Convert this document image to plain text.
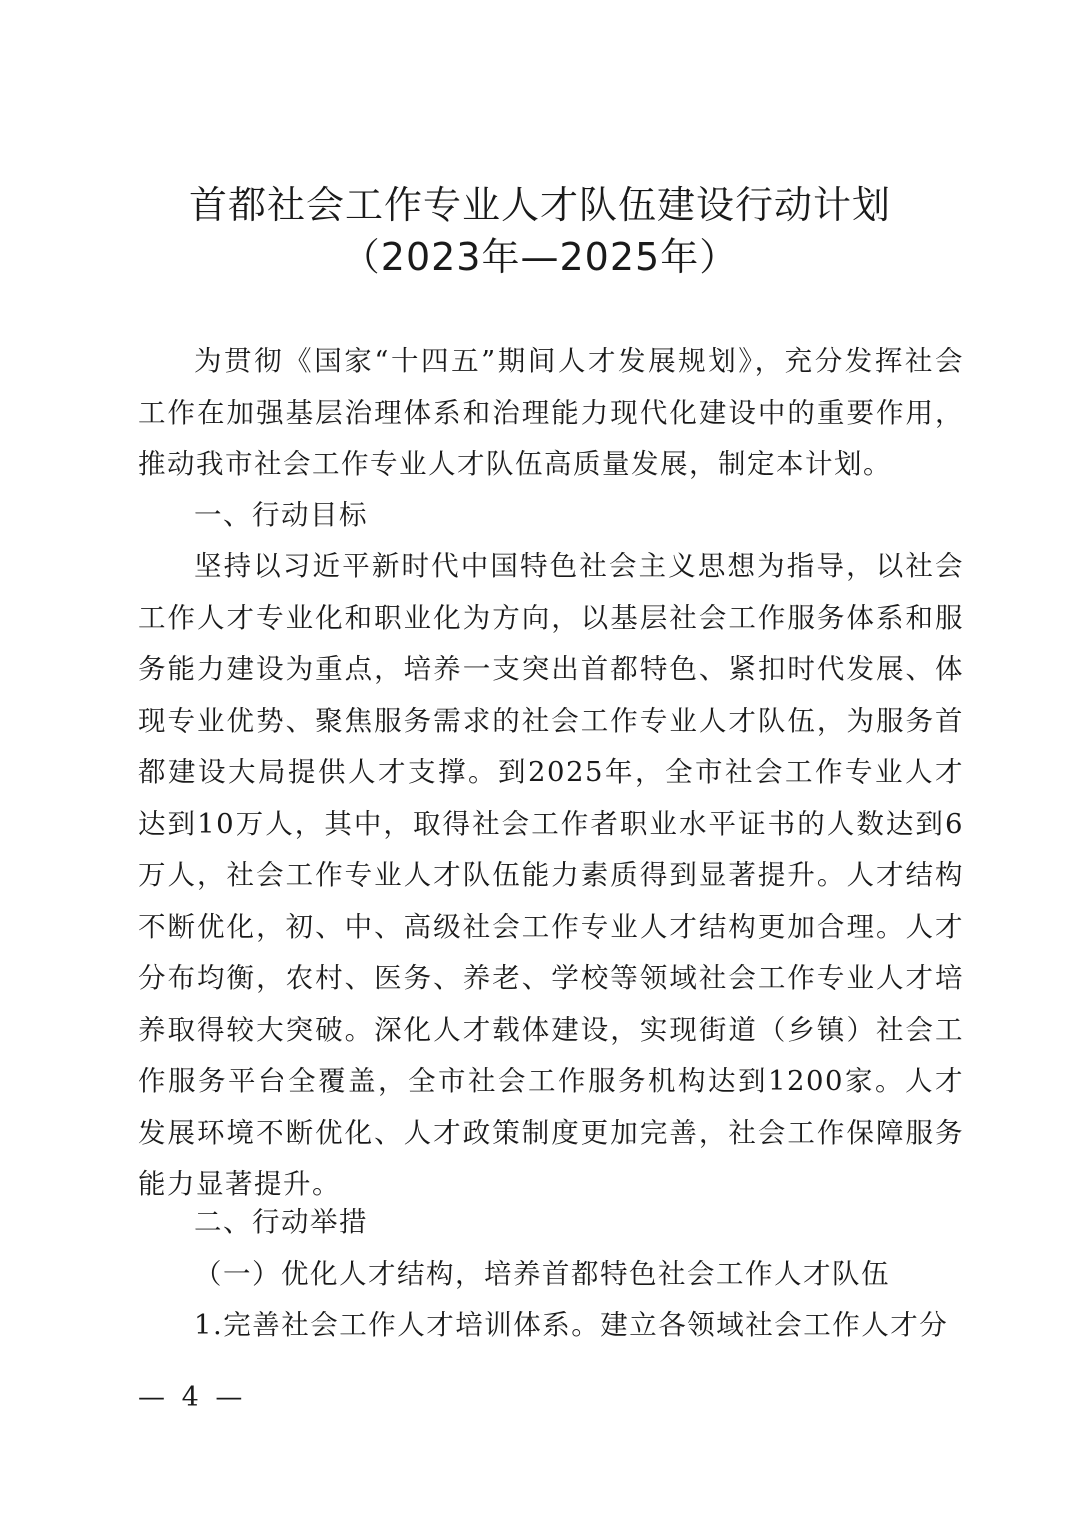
首都社会工作专业人才队伍建设行动计划
（2023年—2025年）
为贯彻《国家“十四五”期间人才发展规划》，充分发挥社会工作在加强基层治理体系和治理能力现代化建设中的重要作用，推动我市社会工作专业人才队伍高质量发展，制定本计划。
一、行动目标
坚持以习近平新时代中国特色社会主义思想为指导，以社会工作人才专业化和职业化为方向，以基层社会工作服务体系和服务能力建设为重点，培养一支突出首都特色、紧扣时代发展、体现专业优势、聚焦服务需求的社会工作专业人才队伍，为服务首都建设大局提供人才支撑。到2025年，全市社会工作专业人才达到10万人，其中，取得社会工作者职业水平证书的人数达到6万人，社会工作专业人才队伍能力素质得到显著提升。人才结构不断优化，初、中、高级社会工作专业人才结构更加合理。人才分布均衡，农村、医务、养老、学校等领域社会工作专业人才培养取得较大突破。深化人才载体建设，实现街道（乡镇）社会工作服务平台全覆盖，全市社会工作服务机构达到1200家。人才发展环境不断优化、人才政策制度更加完善，社会工作保障服务能力显著提升。
二、行动举措
（一）优化人才结构，培养首都特色社会工作人才队伍
1.完善社会工作人才培训体系。建立各领域社会工作人才分
— 4 —
